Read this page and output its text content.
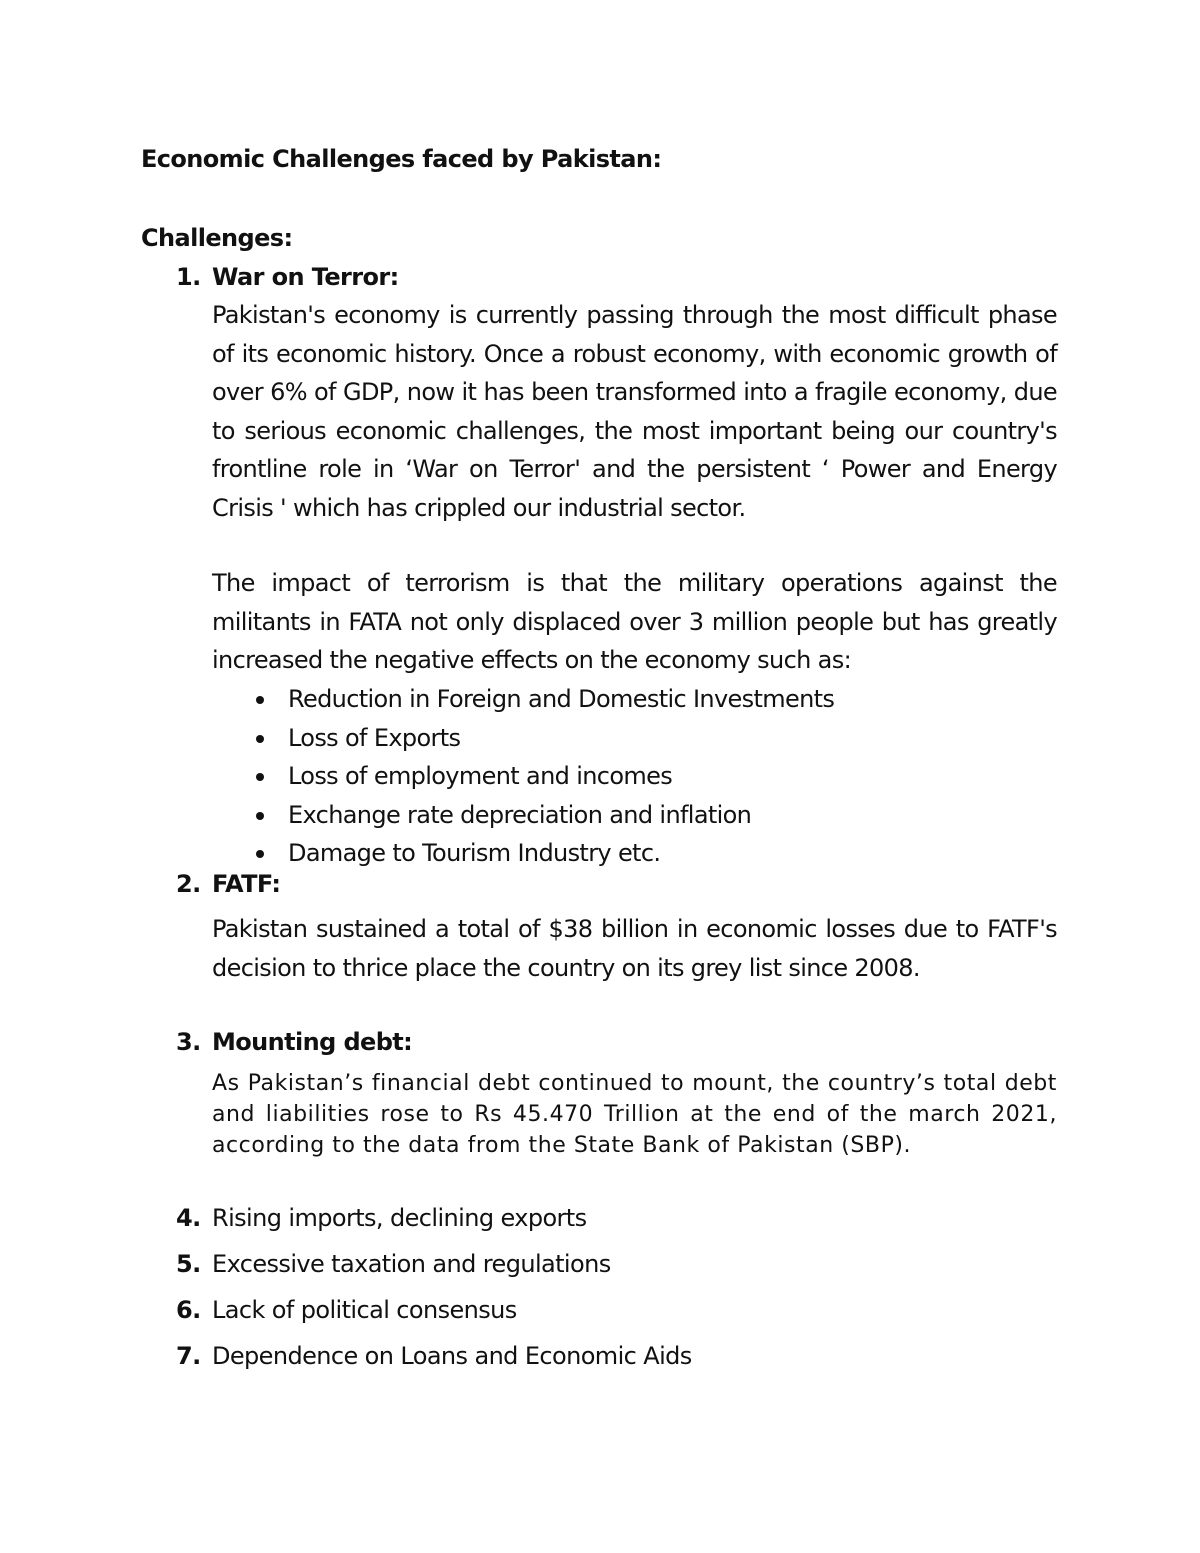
Economic Challenges faced by Pakistan:
Challenges:
1. War on Terror:
Pakistan's economy is currently passing through the most difficult phase of its economic history. Once a robust economy, with economic growth of over 6% of GDP, now it has been transformed into a fragile economy, due to serious economic challenges, the most important being our country's frontline role in ‘War on Terror' and the persistent ‘ Power and Energy Crisis ' which has crippled our industrial sector.
The impact of terrorism is that the military operations against the militants in FATA not only displaced over 3 million people but has greatly increased the negative effects on the economy such as:
Reduction in Foreign and Domestic Investments
Loss of Exports
Loss of employment and incomes
Exchange rate depreciation and inflation
Damage to Tourism Industry etc.
2. FATF:
Pakistan sustained a total of $38 billion in economic losses due to FATF's decision to thrice place the country on its grey list since 2008.
3. Mounting debt:
As Pakistan’s financial debt continued to mount, the country’s total debt and liabilities rose to Rs 45.470 Trillion at the end of the march 2021, according to the data from the State Bank of Pakistan (SBP).
4. Rising imports, declining exports
5. Excessive taxation and regulations
6. Lack of political consensus
7. Dependence on Loans and Economic Aids
